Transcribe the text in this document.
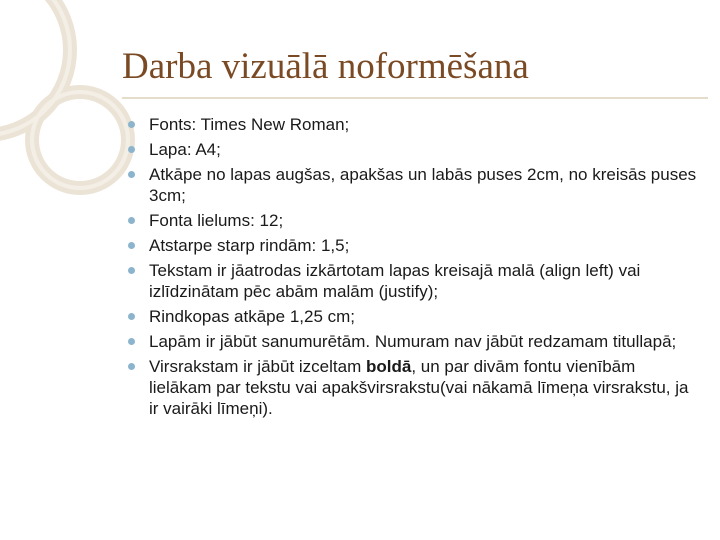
Darba vizuālā noformēšana
Fonts: Times New Roman;
Lapa: A4;
Atkāpe no lapas augšas, apakšas un labās puses 2cm, no kreisās puses 3cm;
Fonta lielums: 12;
Atstarpe starp rindām: 1,5;
Tekstam ir jāatrodas izkārtotam lapas kreisajā malā (align left) vai izlīdzinātam pēc abām malām (justify);
Rindkopas atkāpe 1,25 cm;
Lapām ir jābūt sanumurētām. Numuram nav jābūt redzamam titullapā;
Virsrakstam ir jābūt izceltam boldā, un par divām fontu vienībām lielākam par tekstu vai apakšvirsrakstu(vai nākamā līmeņa virsrakstu, ja ir vairāki līmeņi).
